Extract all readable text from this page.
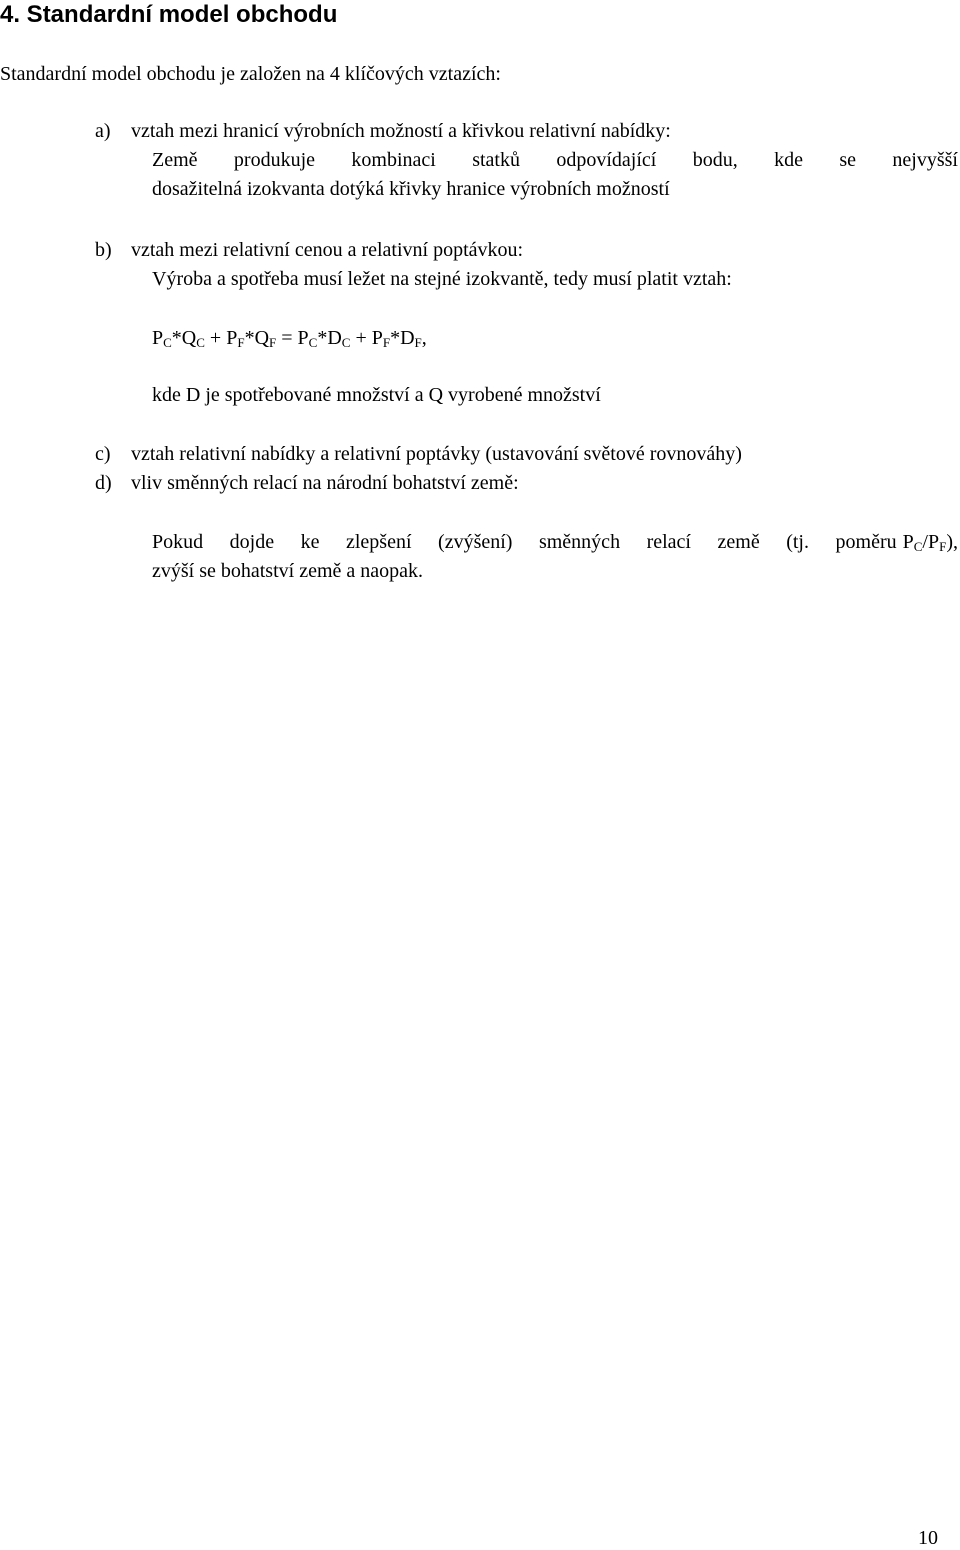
4. Standardní model obchodu
Standardní model obchodu je založen na 4 klíčových vztazích:
a) vztah mezi hranicí výrobních možností a křivkou relativní nabídky:
Země produkuje kombinaci statků odpovídající bodu, kde se nejvyšší
dosažitelná izokvanta dotýká křivky hranice výrobních možností
b) vztah mezi relativní cenou a relativní poptávkou:
Výroba a spotřeba musí ležet na stejné izokvantě, tedy musí platit vztah:
$P_C*Q_C + P_F*Q_F = P_C*D_C + P_F*D_F$,
kde D je spotřebované množství a Q vyrobené množství
c) vztah relativní nabídky a relativní poptávky (ustavování světové rovnováhy)
d) vliv směnných relací na národní bohatství země:
Pokud dojde ke zlepšení (zvýšení) směnných relací země (tj. poměru $P_C/P_F$),
zvýší se bohatství země a naopak.
10
